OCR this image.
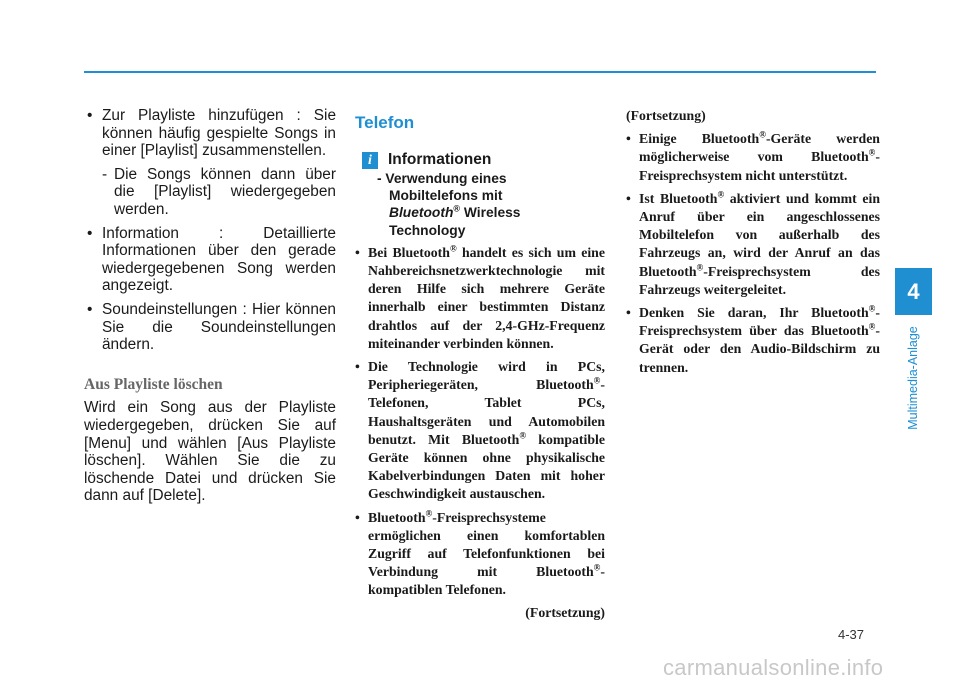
• Zur Playliste hinzufügen : Sie können häufig gespielte Songs in einer [Playlist] zusammenstellen.
- Die Songs können dann über die [Playlist] wiedergegeben werden.
• Information : Detaillierte Informationen über den gerade wiedergegebenen Song werden angezeigt.
• Soundeinstellungen : Hier können Sie die Soundeinstellungen ändern.
Aus Playliste löschen
Wird ein Song aus der Playliste wiedergegeben, drücken Sie auf [Menu] und wählen [Aus Playliste löschen]. Wählen Sie die zu löschende Datei und drücken Sie dann auf [Delete].
Telefon
i	Informationen
- Verwendung eines
Mobiltelefons mit
Bluetooth® Wireless
Technology
• Bei Bluetooth® handelt es sich um eine Nahbereichsnetzwerktechnologie mit deren Hilfe sich mehrere Geräte innerhalb einer bestimmten Distanz drahtlos auf der 2,4-GHz-Frequenz miteinander verbinden können.
• Die Technologie wird in PCs, Peripheriegeräten, Bluetooth®-Telefonen, Tablet PCs, Haushaltsgeräten und Automobilen benutzt. Mit Bluetooth® kompatible Geräte können ohne physikalische Kabelverbindungen Daten mit hoher Geschwindigkeit austauschen.
• Bluetooth®-Freisprechsysteme ermöglichen einen komfortablen Zugriff auf Telefonfunktionen bei Verbindung mit Bluetooth®-kompatiblen Telefonen.
(Fortsetzung)
(Fortsetzung)
• Einige Bluetooth®-Geräte werden möglicherweise vom Bluetooth®-Freisprechsystem nicht unterstützt.
• Ist Bluetooth® aktiviert und kommt ein Anruf über ein angeschlossenes Mobiltelefon von außerhalb des Fahrzeugs an, wird der Anruf an das Bluetooth®-Freisprechsystem des Fahrzeugs weitergeleitet.
• Denken Sie daran, Ihr Bluetooth®-Freisprechsystem über das Bluetooth®-Gerät oder den Audio-Bildschirm zu trennen.
4
Multimedia-Anlage
4-37
carmanualsonline.info
